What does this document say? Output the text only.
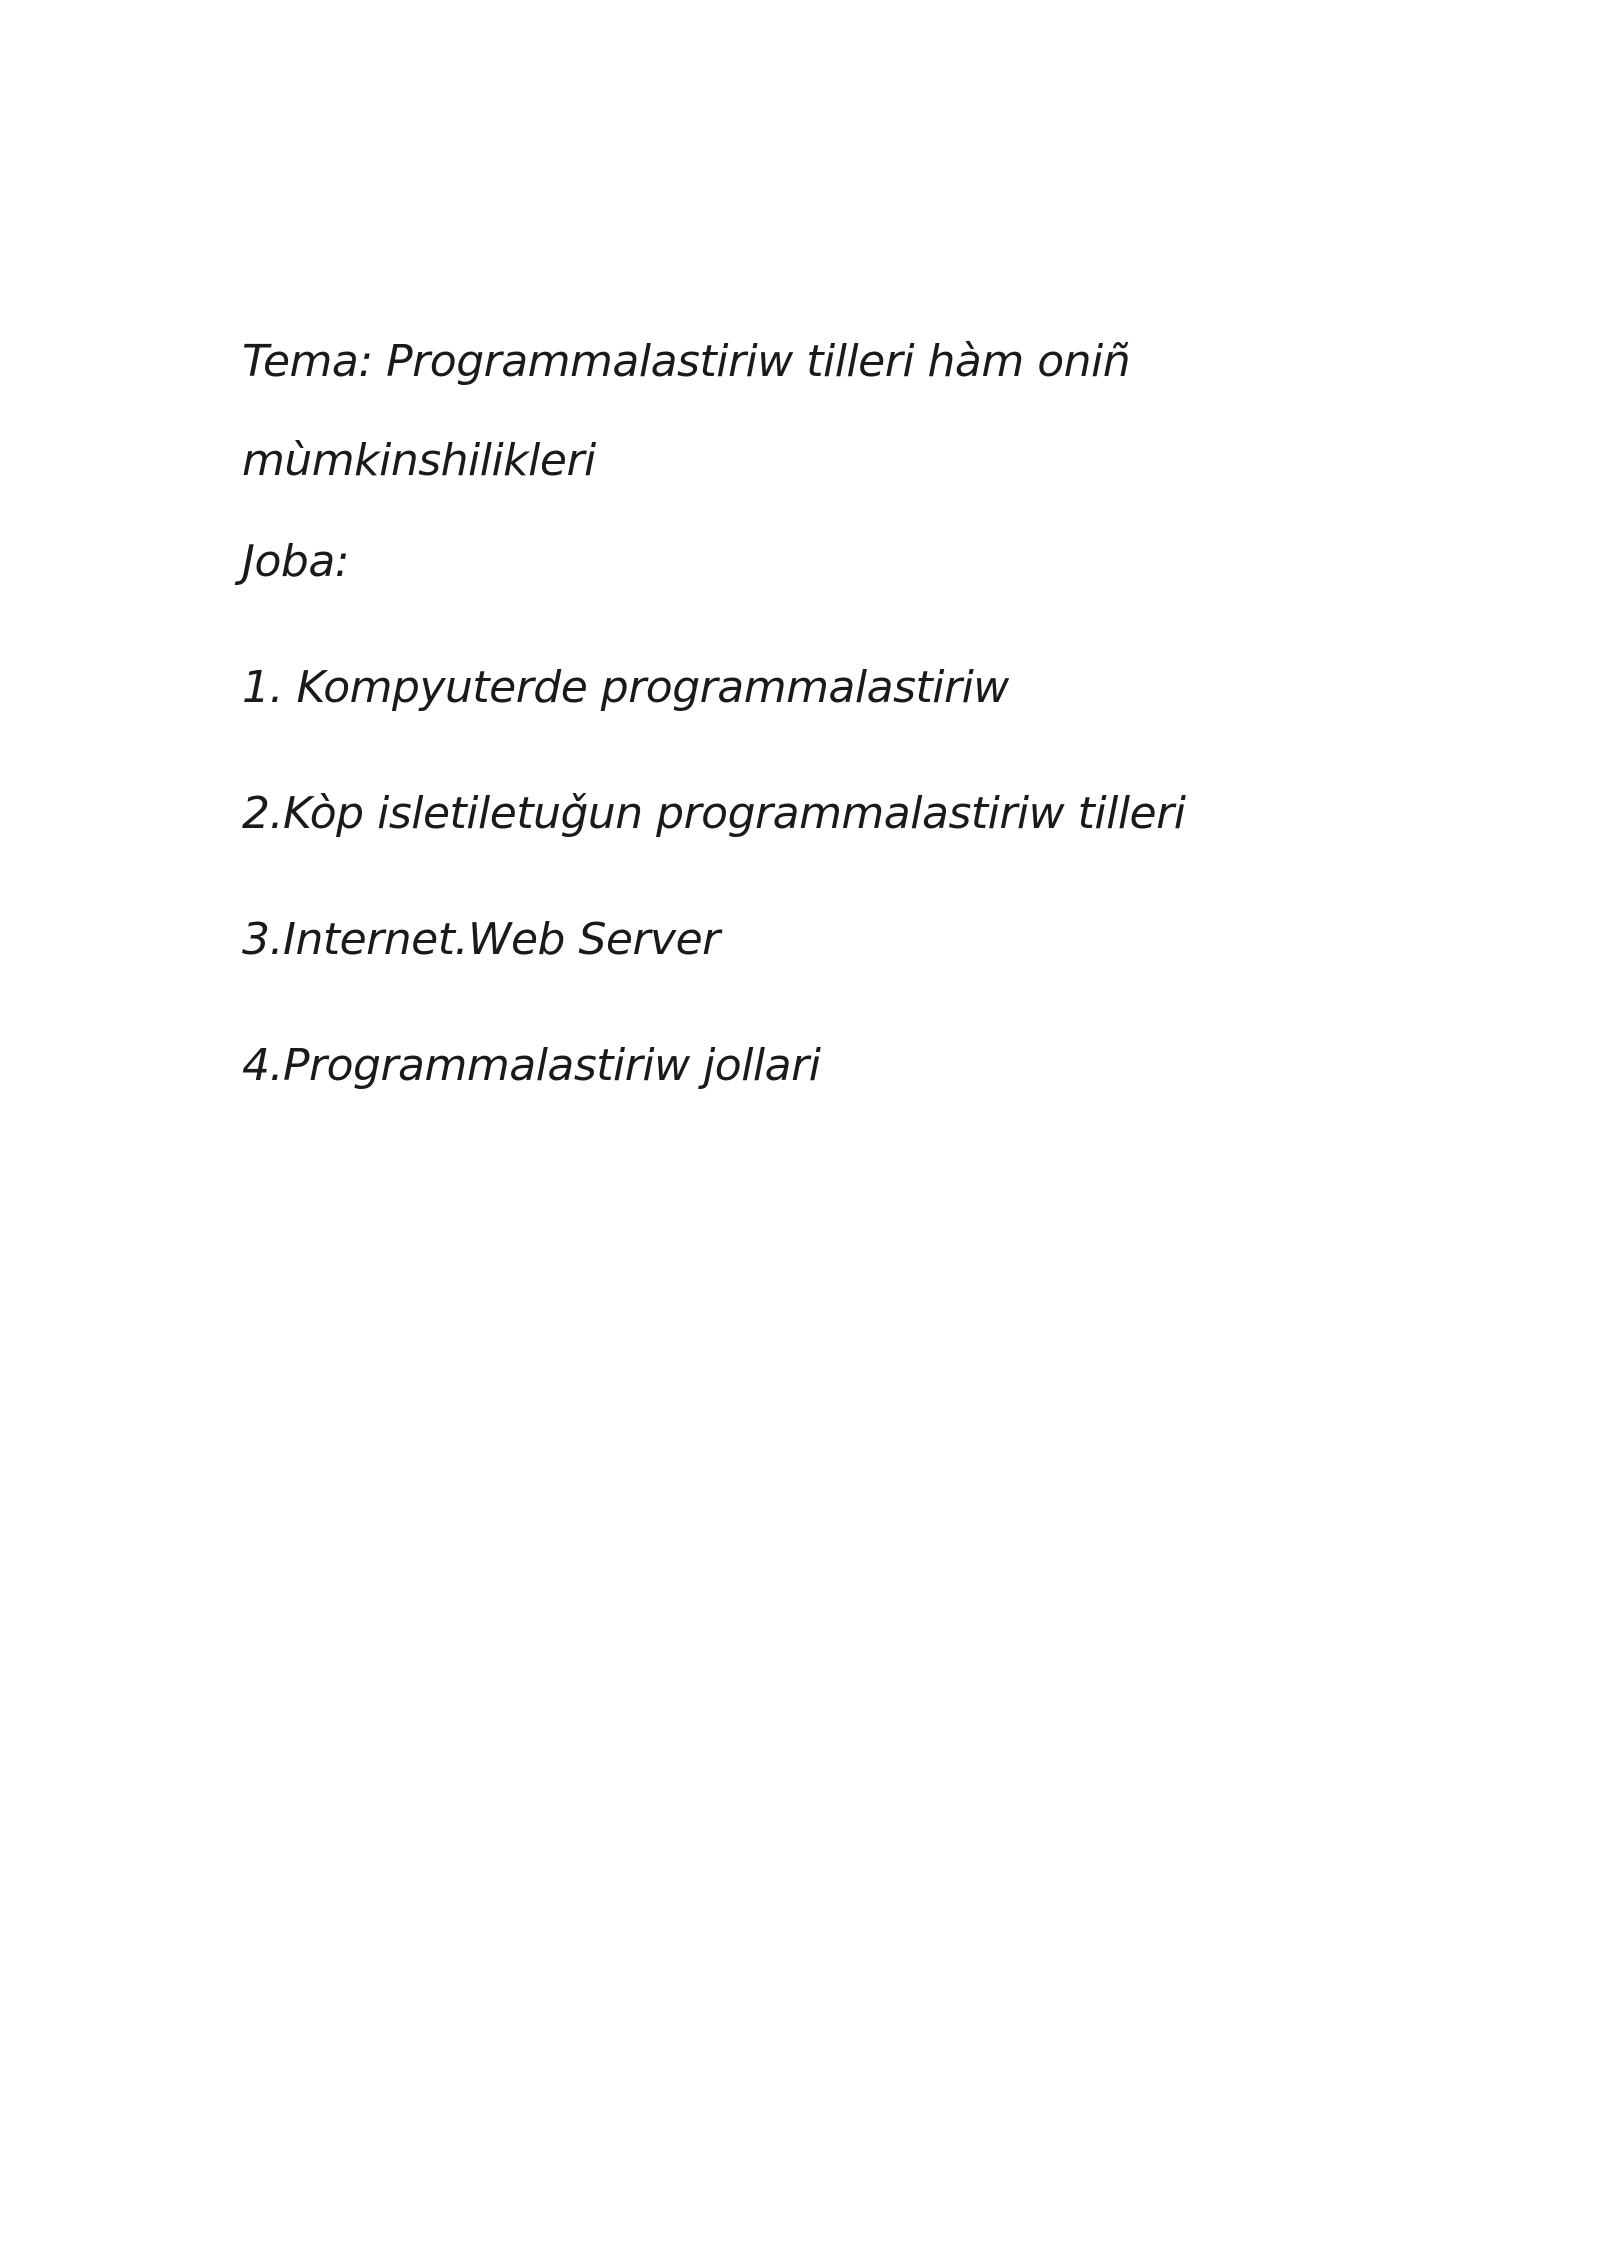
Tema: Programmalastiriw tilleri hàm oniñ
mùmkinshilikleri

Joba:

1. Kompyuterde programmalastiriw
2.Kòp isletiletuǧun programmalastiriw tilleri
3.Internet.Web Server
4.Programmalastiriw jollari
